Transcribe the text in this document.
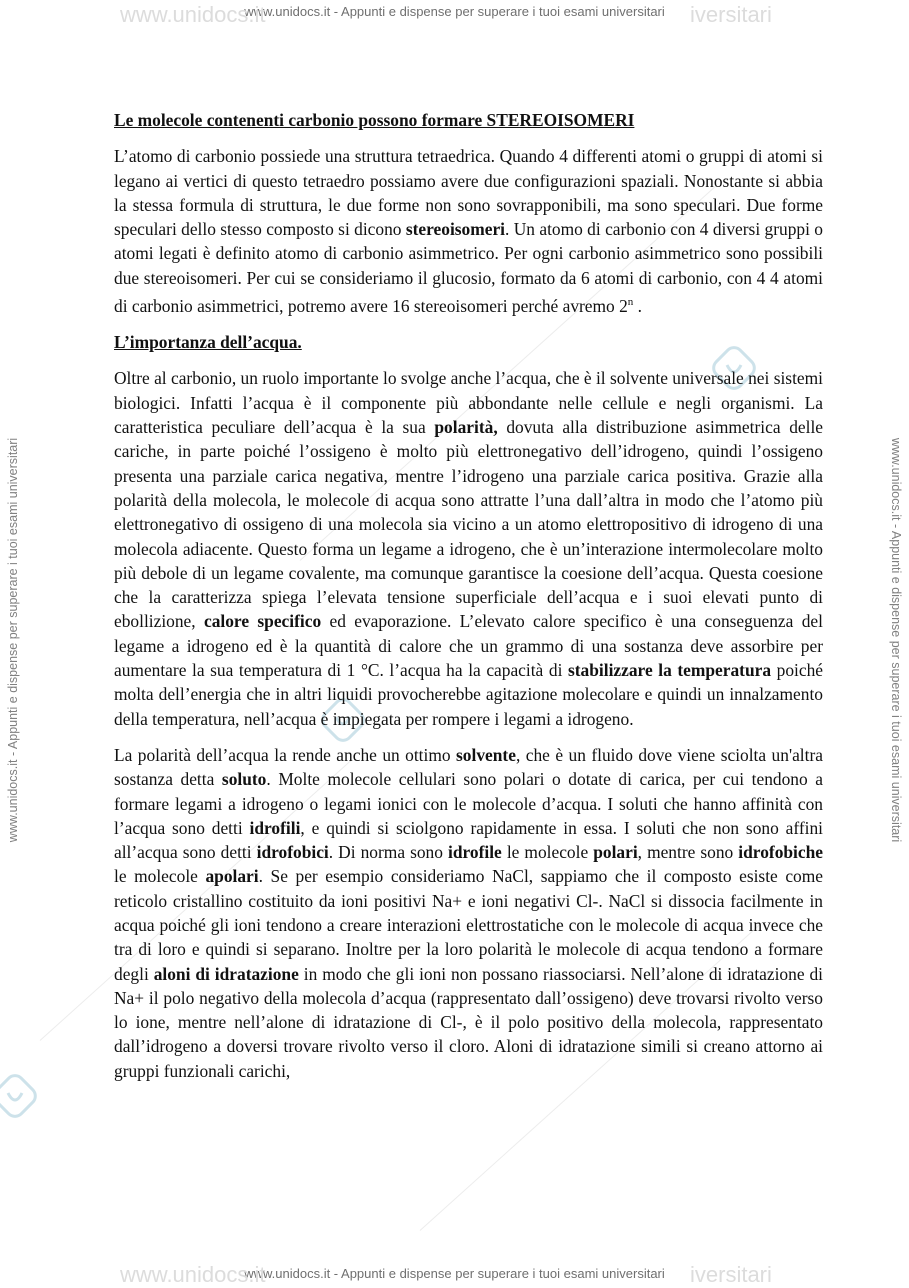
www.unidocs.it - Appunti e dispense per superare i tuoi esami universitari
www.unidocs.it - Appunti e dispense per superare i tuoi esami universitari
www.unidocs.it	iversitari
www.unidocs.it	iversitari
www.unidocs.it - Appunti e dispense per superare i tuoi esami universitari	www.unidocs.it - Appunti e dispense per superare i tuoi esami universitari
Le molecole contenenti carbonio possono formare STEREOISOMERI

L’atomo di carbonio possiede una struttura tetraedrica. Quando 4 differenti atomi o gruppi di atomi si legano ai vertici di questo tetraedro possiamo avere due configurazioni spaziali. Nonostante si abbia la stessa formula di struttura, le due forme non sono sovrapponibili, ma sono speculari. Due forme speculari dello stesso composto si dicono stereoisomeri. Un atomo di carbonio con 4 diversi gruppi o atomi legati è definito atomo di carbonio asimmetrico. Per ogni carbonio asimmetrico sono possibili due stereoisomeri. Per cui se consideriamo il glucosio, formato da 6 atomi di carbonio, con 4 4 atomi di carbonio asimmetrici, potremo avere 16 stereoisomeri perché avremo 2$^n$ .

L’importanza dell’acqua.

Oltre al carbonio, un ruolo importante lo svolge anche l’acqua, che è il solvente universale nei sistemi biologici. Infatti l’acqua è il componente più abbondante nelle cellule e negli organismi. La caratteristica peculiare dell’acqua è la sua polarità, dovuta alla distribuzione asimmetrica delle cariche, in parte poiché l’ossigeno è molto più elettronegativo dell’idrogeno, quindi l’ossigeno presenta una parziale carica negativa, mentre l’idrogeno una parziale carica positiva. Grazie alla polarità della molecola, le molecole di acqua sono attratte l’una dall’altra in modo che l’atomo più elettronegativo di ossigeno di una molecola sia vicino a un atomo elettropositivo di idrogeno di una molecola adiacente. Questo forma un legame a idrogeno, che è un’interazione intermolecolare molto più debole di un legame covalente, ma comunque garantisce la coesione dell’acqua. Questa coesione che la caratterizza spiega l’elevata tensione superficiale dell’acqua e i suoi elevati punto di ebollizione, calore specifico ed evaporazione. L’elevato calore specifico è una conseguenza del legame a idrogeno ed è la quantità di calore che un grammo di una sostanza deve assorbire per aumentare la sua temperatura di 1 °C. l’acqua ha la capacità di stabilizzare la temperatura poiché molta dell’energia che in altri liquidi provocherebbe agitazione molecolare e quindi un innalzamento della temperatura, nell’acqua è impiegata per rompere i legami a idrogeno.

La polarità dell’acqua la rende anche un ottimo solvente, che è un fluido dove viene sciolta un'altra sostanza detta soluto. Molte molecole cellulari sono polari o dotate di carica, per cui tendono a formare legami a idrogeno o legami ionici con le molecole d’acqua. I soluti che hanno affinità con l’acqua sono detti idrofili, e quindi si sciolgono rapidamente in essa. I soluti che non sono affini all’acqua sono detti idrofobici. Di norma sono idrofile le molecole polari, mentre sono idrofobiche le molecole apolari. Se per esempio consideriamo NaCl, sappiamo che il composto esiste come reticolo cristallino costituito da ioni positivi Na+ e ioni negativi Cl-. NaCl si dissocia facilmente in acqua poiché gli ioni tendono a creare interazioni elettrostatiche con le molecole di acqua invece che tra di loro e quindi si separano. Inoltre per la loro polarità le molecole di acqua tendono a formare degli aloni di idratazione in modo che gli ioni non possano riassociarsi. Nell’alone di idratazione di Na+ il polo negativo della molecola d’acqua (rappresentato dall’ossigeno) deve trovarsi rivolto verso lo ione, mentre nell’alone di idratazione di Cl-, è il polo positivo della molecola, rappresentato dall’idrogeno a doversi trovare rivolto verso il cloro. Aloni di idratazione simili si creano attorno ai gruppi funzionali carichi,
